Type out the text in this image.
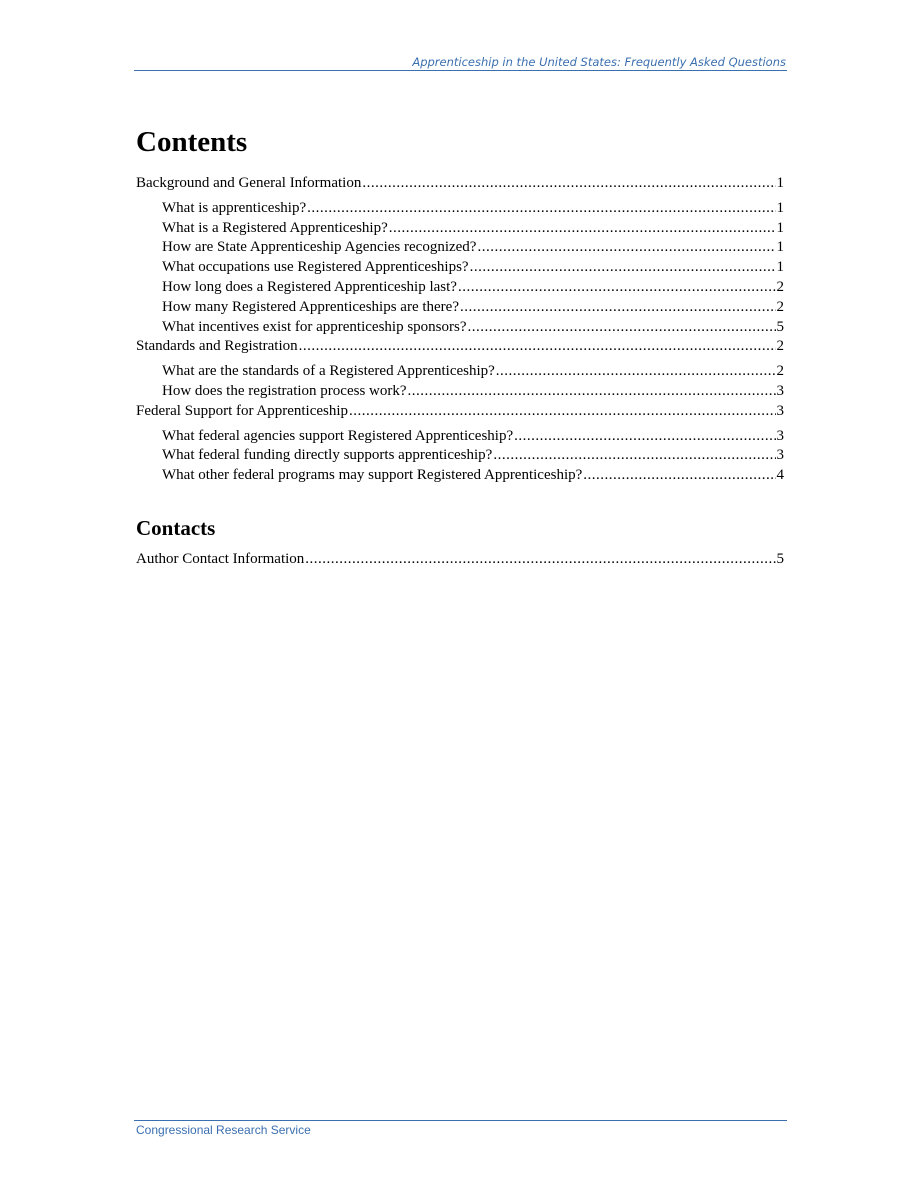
Apprenticeship in the United States: Frequently Asked Questions
Contents
Background and General Information .....	1
What is apprenticeship? .....	1
What is a Registered Apprenticeship? .....	1
How are State Apprenticeship Agencies recognized? .....	1
What occupations use Registered Apprenticeships? .....	1
How long does a Registered Apprenticeship last? .....	2
How many Registered Apprenticeships are there? .....	2
What incentives exist for apprenticeship sponsors? .....	5
Standards and Registration .....	2
What are the standards of a Registered Apprenticeship? .....	2
How does the registration process work? .....	3
Federal Support for Apprenticeship .....	3
What federal agencies support Registered Apprenticeship? .....	3
What federal funding directly supports apprenticeship? .....	3
What other federal programs may support Registered Apprenticeship? .....	4
Contacts
Author Contact Information .....	5
Congressional Research Service
